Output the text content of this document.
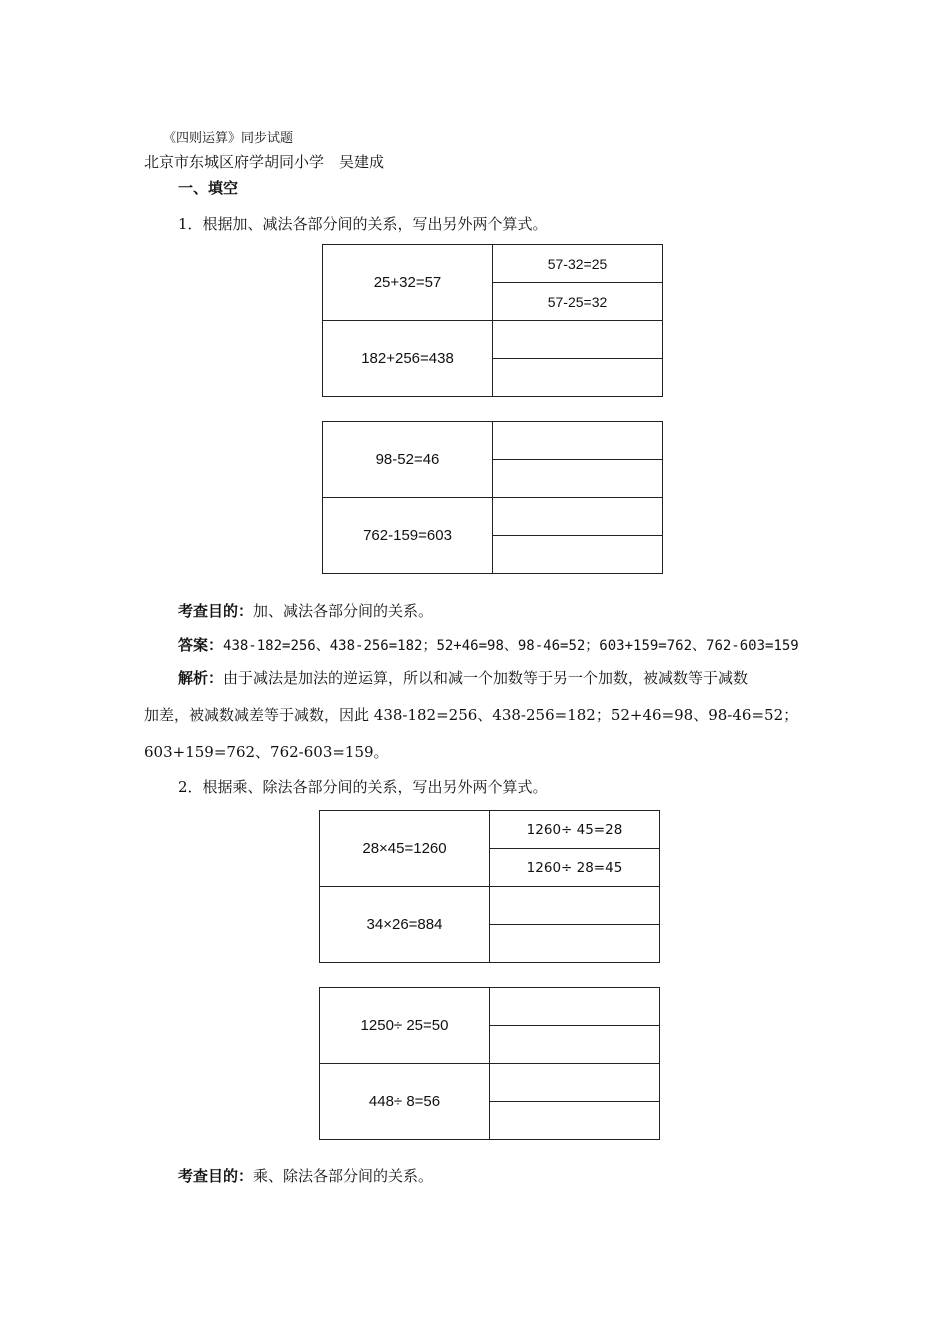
《四则运算》同步试题
北京市东城区府学胡同小学　吴建成
一、填空
1．根据加、减法各部分间的关系，写出另外两个算式。
25+32=57	57-32=25
	57-25=32
182+256=438	

98-52=46	

762-159=603	

考查目的：加、减法各部分间的关系。
答案：438-182=256、438-256=182；52+46=98、98-46=52；603+159=762、762-603=159
解析：由于减法是加法的逆运算，所以和减一个加数等于另一个加数，被减数等于减数
加差，被减数减差等于减数，因此 438-182=256、438-256=182；52+46=98、98-46=52；
603+159=762、762-603=159。
2．根据乘、除法各部分间的关系，写出另外两个算式。
28×45=1260	1260÷ 45=28
	1260÷ 28=45
34×26=884	

1250÷ 25=50	

448÷ 8=56	

考查目的：乘、除法各部分间的关系。
